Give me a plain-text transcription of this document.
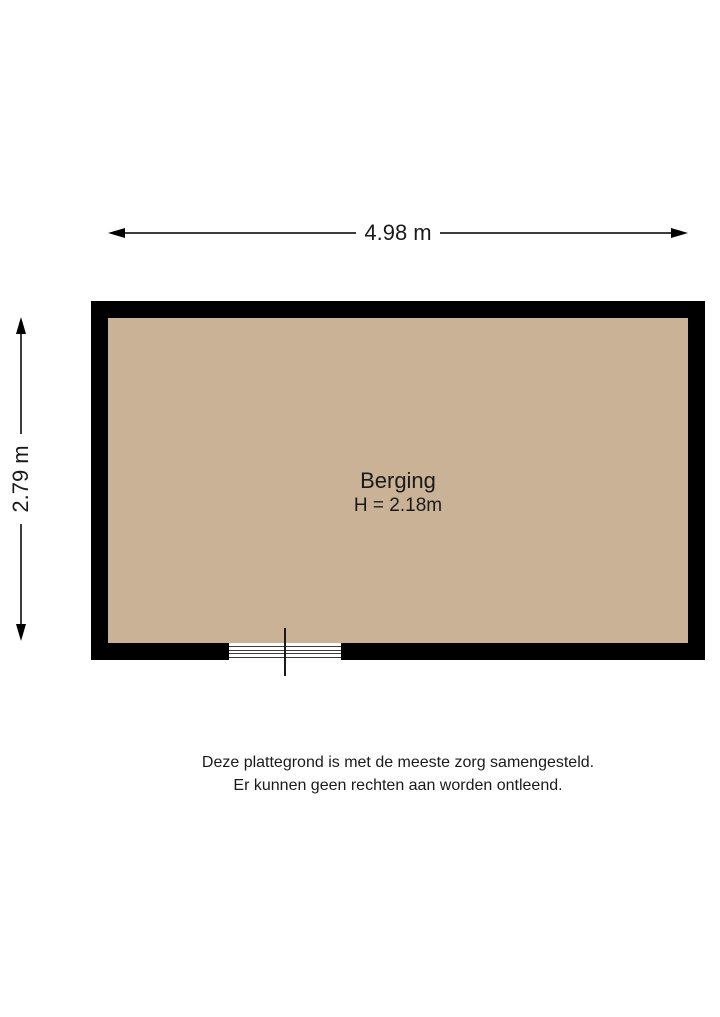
4.98 m
2.79 m	Berging
H = 2.18m
Deze plattegrond is met de meeste zorg samengesteld.
Er kunnen geen rechten aan worden ontleend.
